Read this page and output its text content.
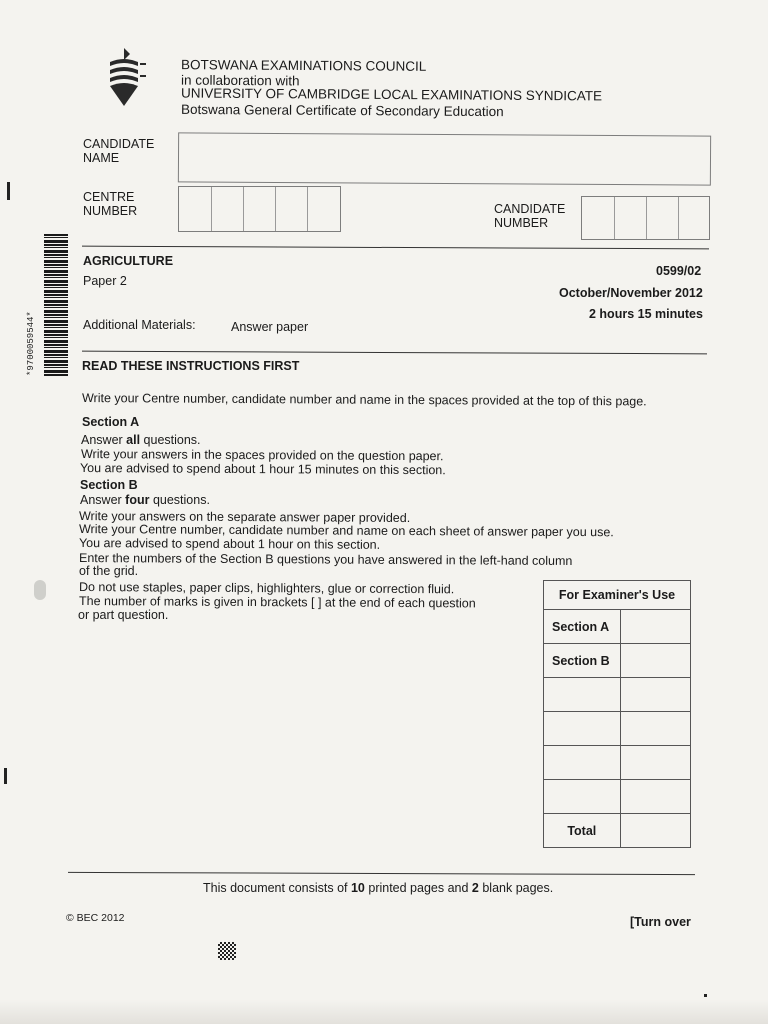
BOTSWANA EXAMINATIONS COUNCIL
in collaboration with
UNIVERSITY OF CAMBRIDGE LOCAL EXAMINATIONS SYNDICATE
Botswana General Certificate of Secondary Education
CANDIDATE
NAME
CENTRE
NUMBER	CANDIDATE
NUMBER
AGRICULTURE
Paper 2
0599/02
October/November 2012
2 hours 15 minutes
Additional Materials:	Answer paper
READ THESE INSTRUCTIONS FIRST
Write your Centre number, candidate number and name in the spaces provided at the top of this page.
Section A
Answer all questions.
Write your answers in the spaces provided on the question paper.
You are advised to spend about 1 hour 15 minutes on this section.
Section B
Answer four questions.
Write your answers on the separate answer paper provided.
Write your Centre number, candidate number and name on each sheet of answer paper you use.
You are advised to spend about 1 hour on this section.
Enter the numbers of the Section B questions you have answered in the left-hand column
of the grid.
Do not use staples, paper clips, highlighters, glue or correction fluid.
The number of marks is given in brackets [ ] at the end of each question
or part question.
For Examiner's Use	
Section A	
Section B	

Total	
This document consists of 10 printed pages and 2 blank pages.
© BEC 2012	[Turn over
*9700059544*
